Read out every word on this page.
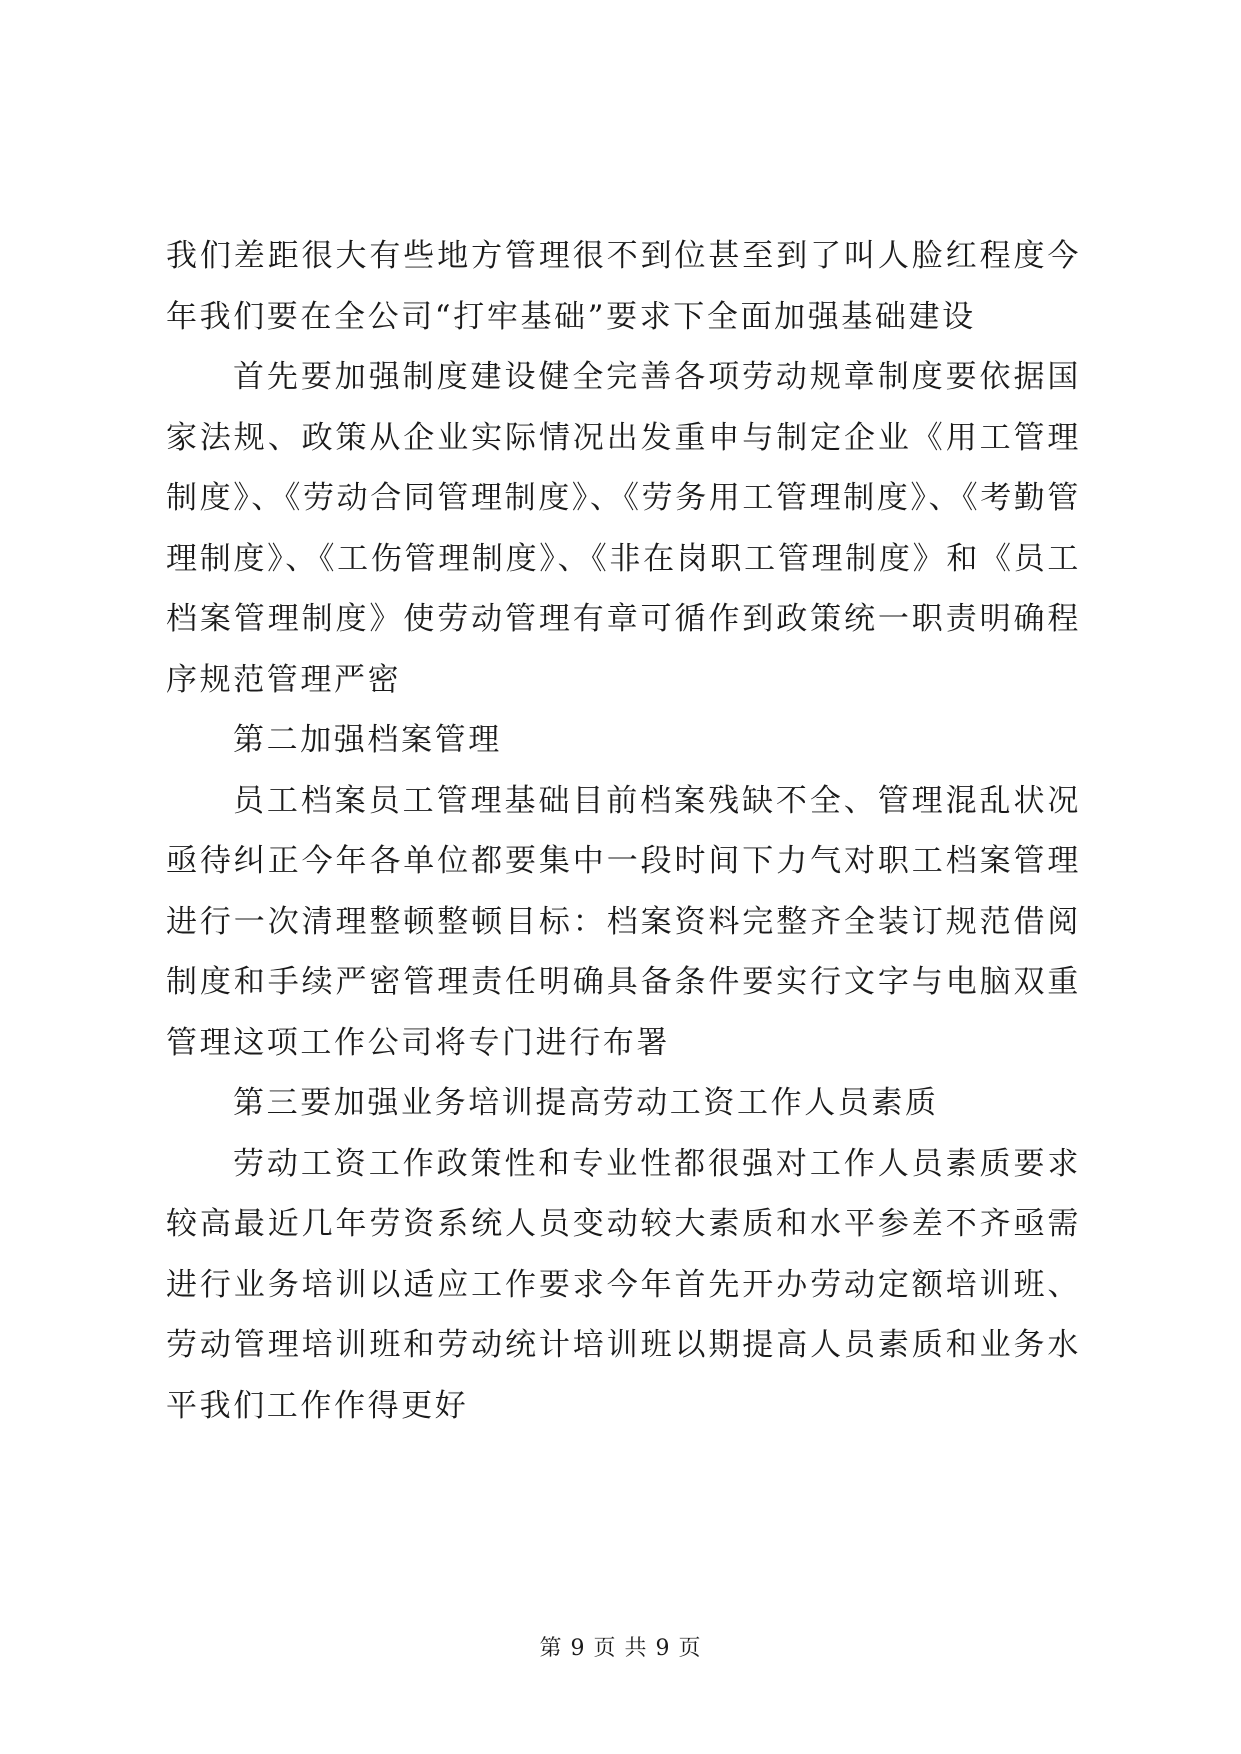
我们差距很大有些地方管理很不到位甚至到了叫人脸红程度今年我们要在全公司“打牢基础”要求下全面加强基础建设

首先要加强制度建设健全完善各项劳动规章制度要依据国家法规、政策从企业实际情况出发重申与制定企业《用工管理制度》、《劳动合同管理制度》、《劳务用工管理制度》、《考勤管理制度》、《工伤管理制度》、《非在岗职工管理制度》和《员工档案管理制度》使劳动管理有章可循作到政策统一职责明确程序规范管理严密

第二加强档案管理

员工档案员工管理基础目前档案残缺不全、管理混乱状况亟待纠正今年各单位都要集中一段时间下力气对职工档案管理进行一次清理整顿整顿目标：档案资料完整齐全装订规范借阅制度和手续严密管理责任明确具备条件要实行文字与电脑双重管理这项工作公司将专门进行布署

第三要加强业务培训提高劳动工资工作人员素质

劳动工资工作政策性和专业性都很强对工作人员素质要求较高最近几年劳资系统人员变动较大素质和水平参差不齐亟需进行业务培训以适应工作要求今年首先开办劳动定额培训班、劳动管理培训班和劳动统计培训班以期提高人员素质和业务水平我们工作作得更好

第 9 页 共 9 页
